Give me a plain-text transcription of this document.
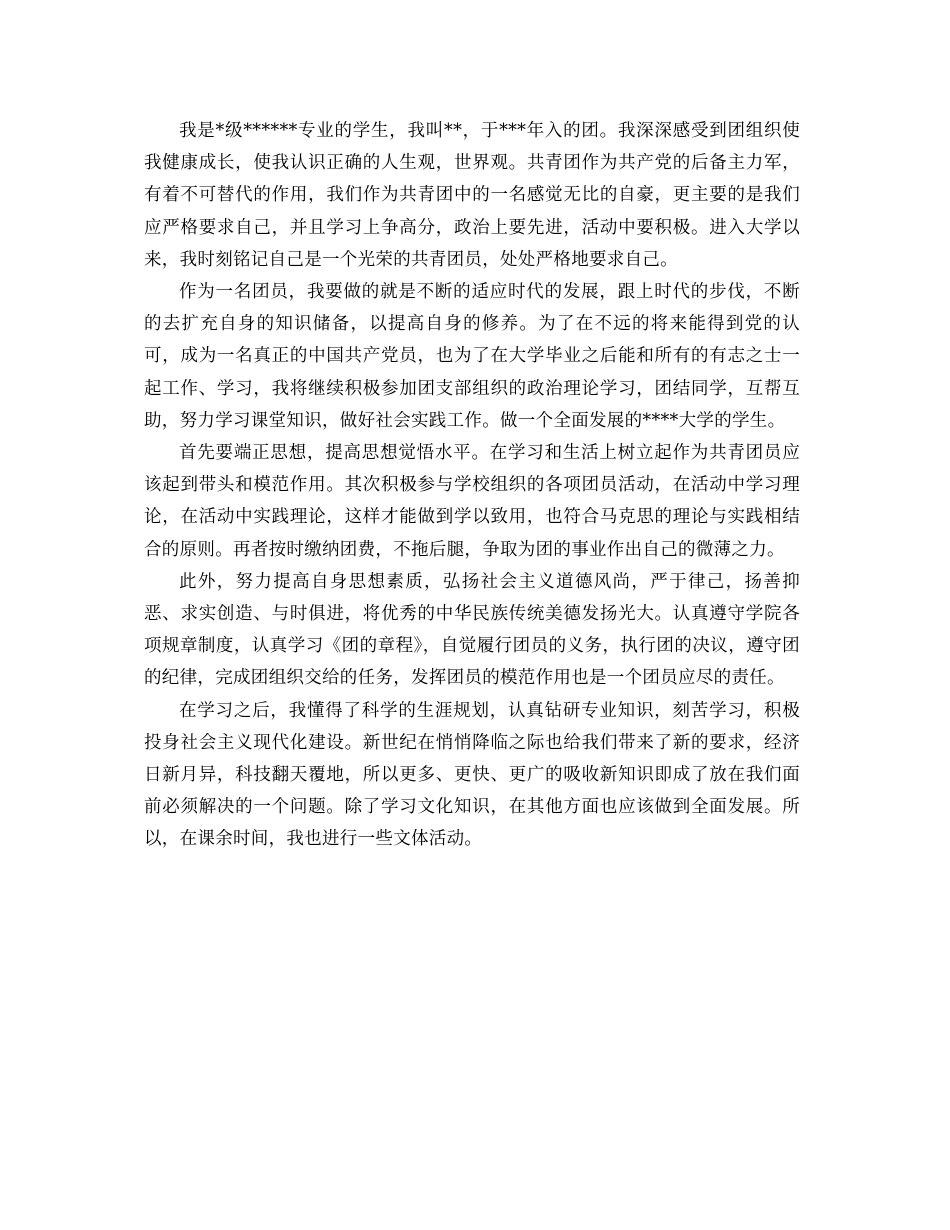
我是*级******专业的学生，我叫**，于***年入的团。我深深感受到团组织使我健康成长，使我认识正确的人生观，世界观。共青团作为共产党的后备主力军，有着不可替代的作用，我们作为共青团中的一名感觉无比的自豪，更主要的是我们应严格要求自己，并且学习上争高分，政治上要先进，活动中要积极。进入大学以来，我时刻铭记自己是一个光荣的共青团员，处处严格地要求自己。

作为一名团员，我要做的就是不断的适应时代的发展，跟上时代的步伐，不断的去扩充自身的知识储备，以提高自身的修养。为了在不远的将来能得到党的认可，成为一名真正的中国共产党员，也为了在大学毕业之后能和所有的有志之士一起工作、学习，我将继续积极参加团支部组织的政治理论学习，团结同学，互帮互助，努力学习课堂知识，做好社会实践工作。做一个全面发展的****大学的学生。

首先要端正思想，提高思想觉悟水平。在学习和生活上树立起作为共青团员应该起到带头和模范作用。其次积极参与学校组织的各项团员活动，在活动中学习理论，在活动中实践理论，这样才能做到学以致用，也符合马克思的理论与实践相结合的原则。再者按时缴纳团费，不拖后腿，争取为团的事业作出自己的微薄之力。

此外，努力提高自身思想素质，弘扬社会主义道德风尚，严于律己，扬善抑恶、求实创造、与时俱进，将优秀的中华民族传统美德发扬光大。认真遵守学院各项规章制度，认真学习《团的章程》，自觉履行团员的义务，执行团的决议，遵守团的纪律，完成团组织交给的任务，发挥团员的模范作用也是一个团员应尽的责任。

在学习之后，我懂得了科学的生涯规划，认真钻研专业知识，刻苦学习，积极投身社会主义现代化建设。新世纪在悄悄降临之际也给我们带来了新的要求，经济日新月异，科技翻天覆地，所以更多、更快、更广的吸收新知识即成了放在我们面前必须解决的一个问题。除了学习文化知识，在其他方面也应该做到全面发展。所以，在课余时间，我也进行一些文体活动。
